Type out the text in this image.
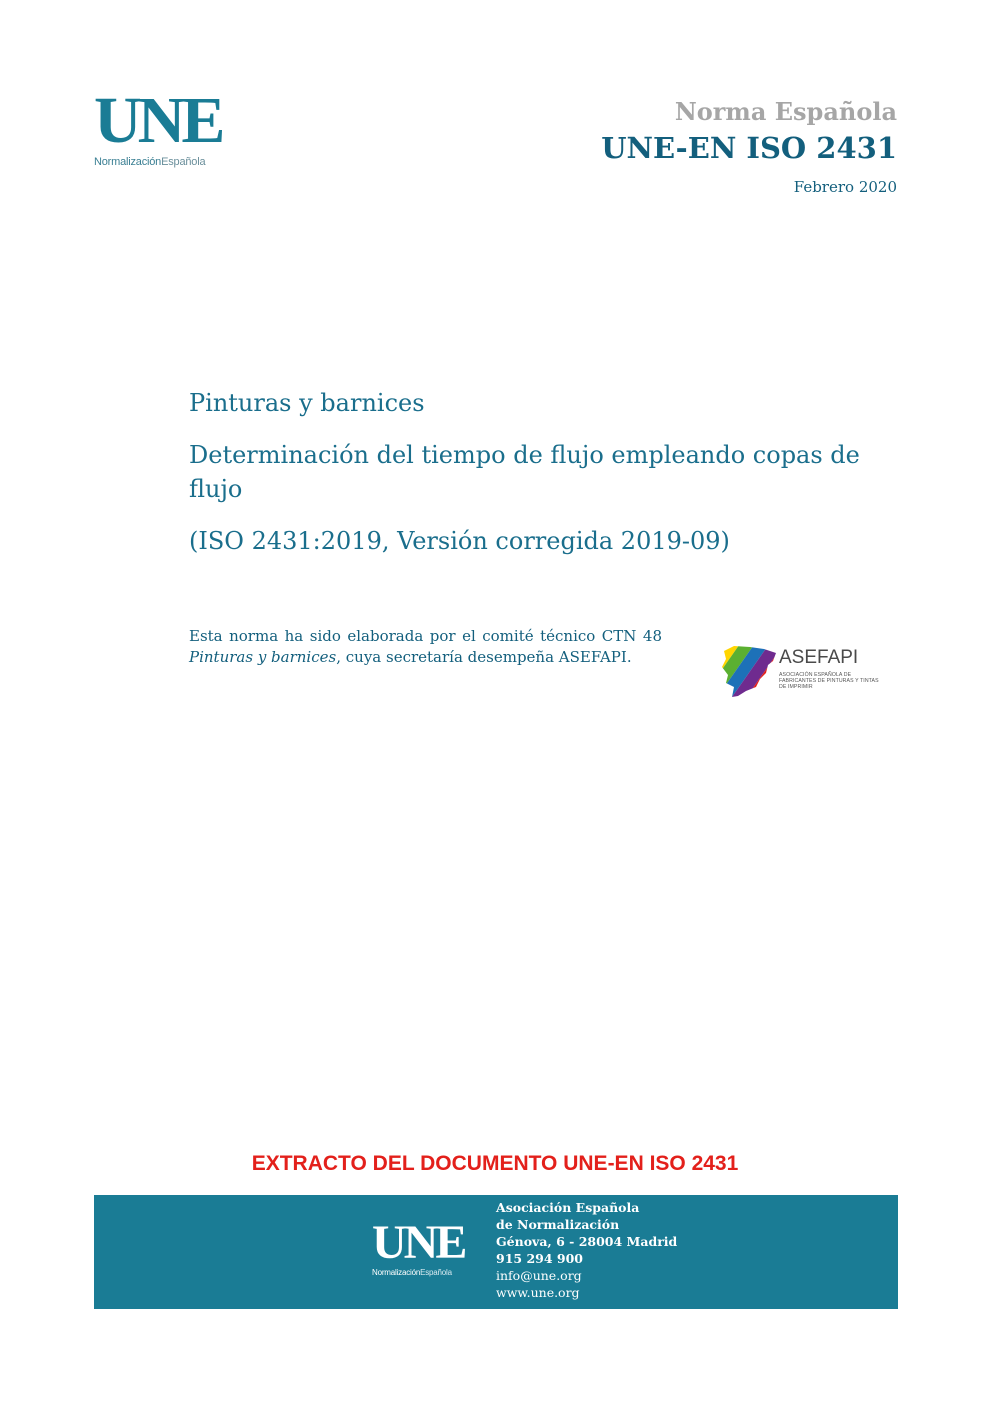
UNE
NormalizaciónEspañola
Norma Española
UNE-EN ISO 2431
Febrero 2020

Pinturas y barnices

Determinación del tiempo de flujo empleando copas de flujo

(ISO 2431:2019, Versión corregida 2019-09)

Esta norma ha sido elaborada por el comité técnico CTN 48 Pinturas y barnices, cuya secretaría desempeña ASEFAPI.	ASEFAPI
ASOCIACIÓN ESPAÑOLA DE FABRICANTES DE PINTURAS Y TINTAS DE IMPRIMIR
EXTRACTO DEL DOCUMENTO UNE-EN ISO 2431
UNE
NormalizaciónEspañola
Asociación Española
de Normalización
Génova, 6 - 28004 Madrid
915 294 900
info@une.org
www.une.org
